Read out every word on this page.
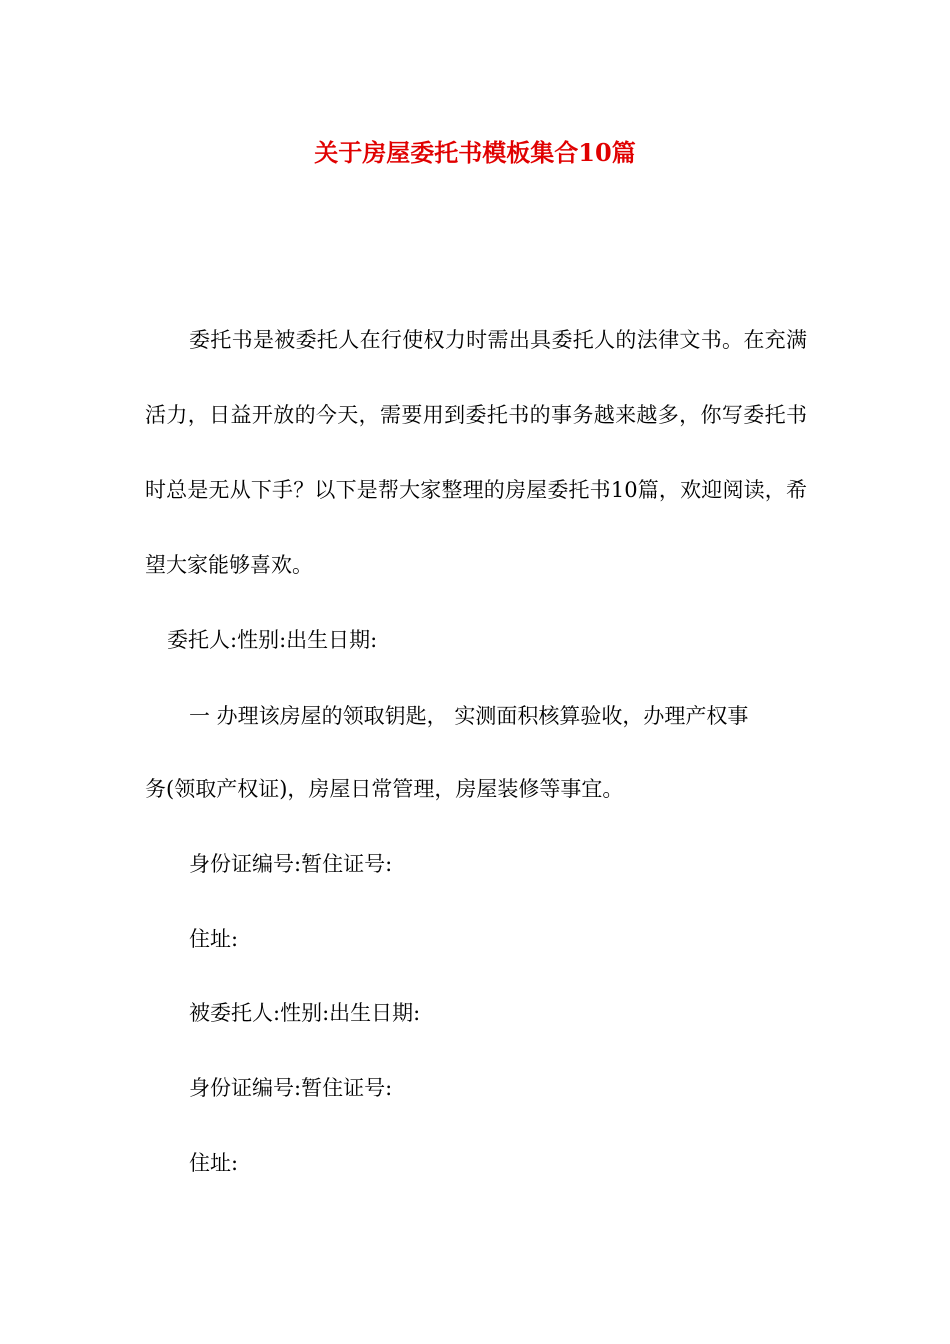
关于房屋委托书模板集合10篇
委托书是被委托人在行使权力时需出具委托人的法律文书。在充满活力，日益开放的今天，需要用到委托书的事务越来越多，你写委托书时总是无从下手？以下是帮大家整理的房屋委托书10篇，欢迎阅读，希望大家能够喜欢。
委托人:性别:出生日期:
一 办理该房屋的领取钥匙， 实测面积核算验收，办理产权事
务(领取产权证)，房屋日常管理，房屋装修等事宜。
身份证编号:暂住证号:
住址:
被委托人:性别:出生日期:
身份证编号:暂住证号:
住址:
